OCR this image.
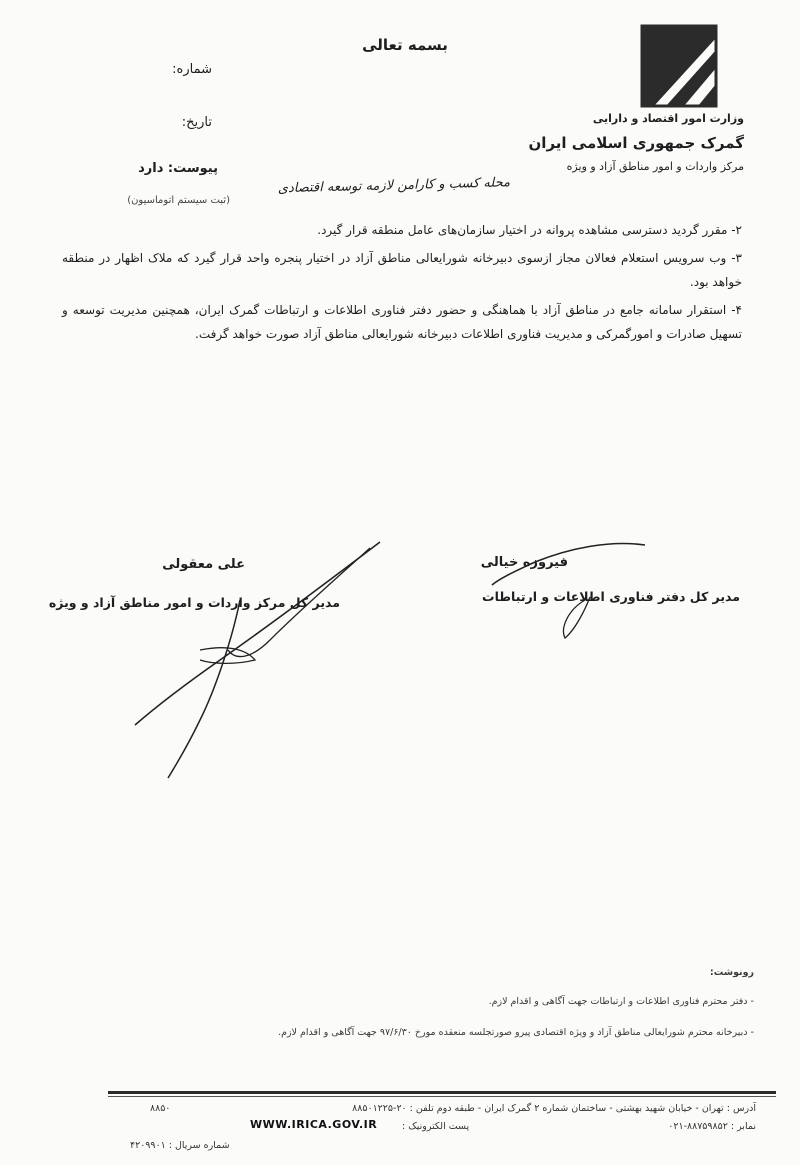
بسمه تعالی
وزارت امور اقتصاد و دارایی
گمرک جمهوری اسلامی ایران
مرکز واردات و امور مناطق آزاد و ویژه
شماره:
تاریخ:
پیوست: دارد
(ثبت سیستم اتوماسیون)
محله کسب و کارامن لازمه توسعه اقتصادی

۲- مقرر گردید دسترسی مشاهده پروانه در اختیار سازمان‌های عامل منطقه قرار گیرد.

۳- وب سرویس استعلام فعالان مجاز ازسوی دبیرخانه شورایعالی مناطق آزاد در اختیار پنجره واحد قرار گیرد که ملاک اظهار در منطقه خواهد بود.

۴- استقرار سامانه جامع در مناطق آزاد با هماهنگی و حضور دفتر فناوری اطلاعات و ارتباطات گمرک ایران، همچنین مدیریت توسعه و تسهیل صادرات و امورگمرکی و مدیریت فناوری اطلاعات دبیرخانه شورایعالی مناطق آزاد صورت خواهد گرفت.

فیروزه خیالی
مدیر کل دفتر فناوری اطلاعات و ارتباطات
علی معقولی
مدیر کل مرکز واردات و امور مناطق آزاد و ویژه
رونوشت:
- دفتر محترم فناوری اطلاعات و ارتباطات جهت آگاهی و اقدام لازم.
- دبیرخانه محترم شورایعالی مناطق آزاد و ویژه اقتصادی پیرو صورتجلسه منعقده مورخ ۹۷/۶/۳۰ جهت آگاهی و اقدام لازم.
آدرس : تهران - خیابان شهید بهشتی - ساختمان شماره ۲ گمرک ایران - طبقه دوم تلفن : ۲۰-۸۸۵۰۱۲۲۵
نمابر : ۸۸۷۵۹۸۵۲-۰۲۱
۸۸۵۰
پست الکترونیک :
WWW.IRICA.GOV.IR
شماره سریال : ۴۲۰۹۹۰۱
